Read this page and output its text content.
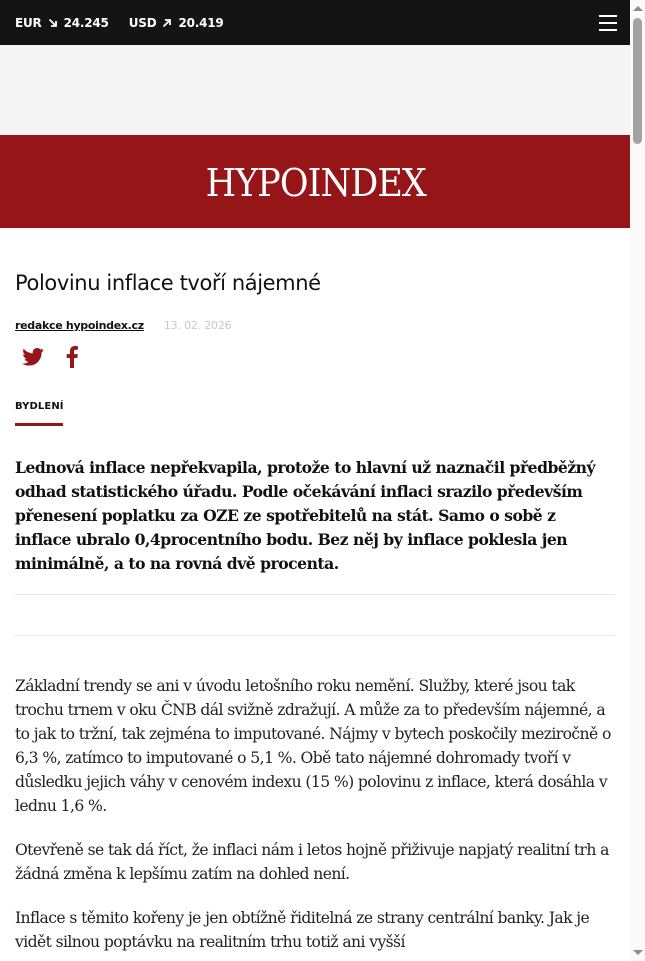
EUR 24.245 USD 20.419
HYPOINDEX
Polovinu inflace tvoří nájemné
redakce hypoindex.cz 13. 02. 2026
BYDLENÍ
Lednová inflace nepřekvapila, protože to hlavní už naznačil předběžný odhad statistického úřadu. Podle očekávání inflaci srazilo především přenesení poplatku za OZE ze spotřebitelů na stát. Samo o sobě z inflace ubralo 0,4procentního bodu. Bez něj by inflace poklesla jen minimálně, a to na rovná dvě procenta.

Základní trendy se ani v úvodu letošního roku nemění. Služby, které jsou tak trochu trnem v oku ČNB dál svižně zdražují. A může za to především nájemné, a to jak to tržní, tak zejména to imputované. Nájmy v bytech poskočily meziročně o 6,3 %, zatímco to imputované o 5,1 %. Obě tato nájemné dohromady tvoří v důsledku jejich váhy v cenovém indexu (15 %) polovinu z inflace, která dosáhla v lednu 1,6 %.

Otevřeně se tak dá říct, že inflaci nám i letos hojně přiživuje napjatý realitní trh a žádná změna k lepšímu zatím na dohled není.

Inflace s těmito kořeny je jen obtížně řiditelná ze strany centrální banky. Jak je vidět silnou poptávku na realitním trhu totiž ani vyšší
